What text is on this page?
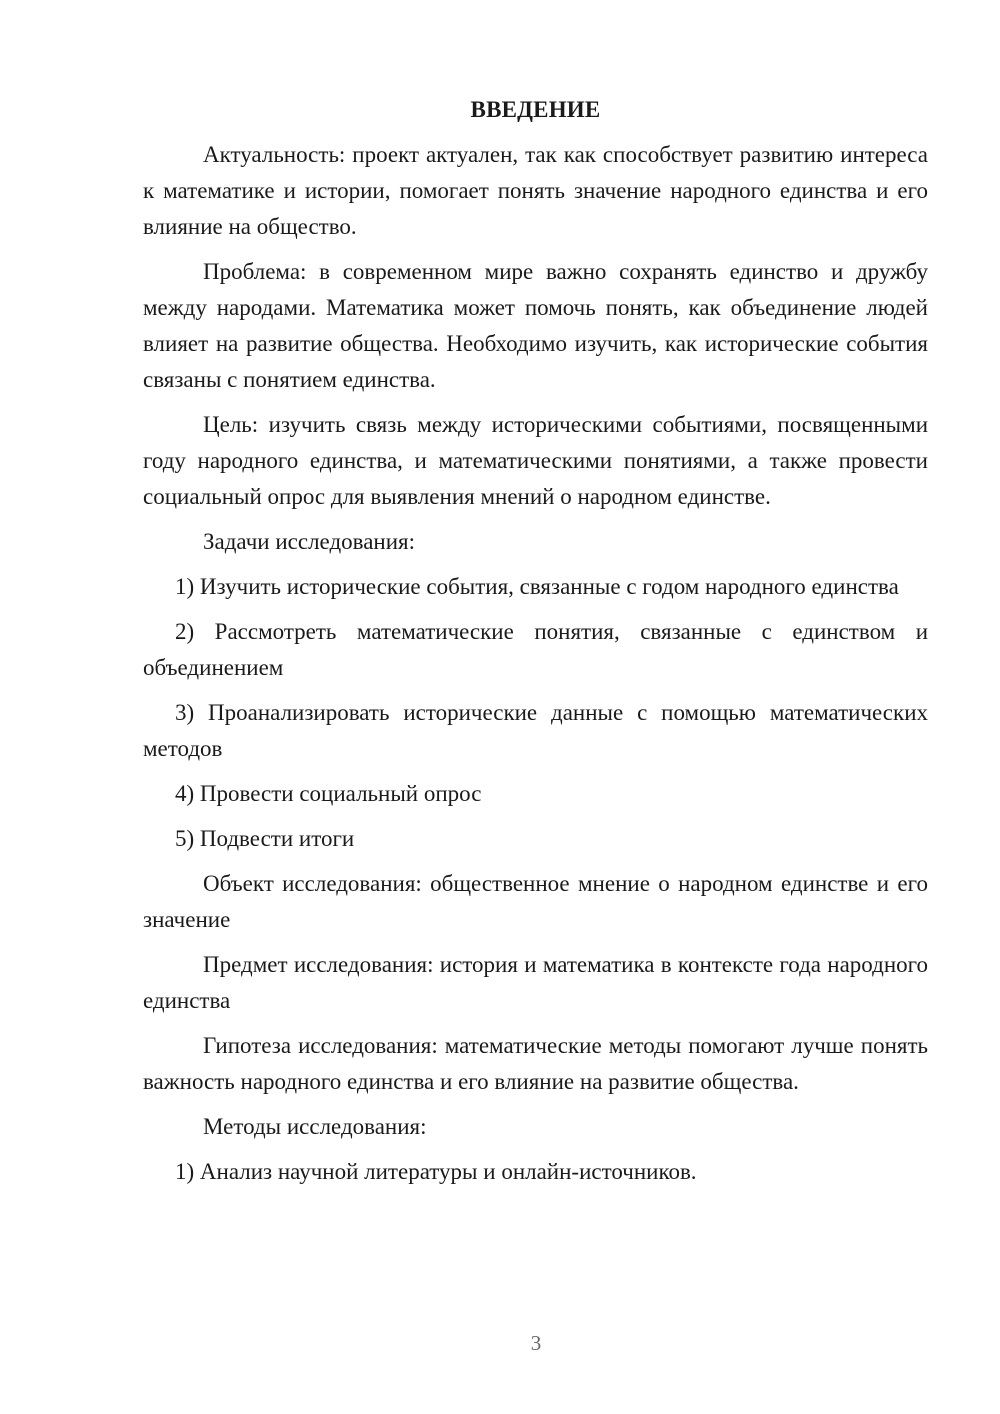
ВВЕДЕНИЕ

Актуальность: проект актуален, так как способствует развитию интереса к математике и истории, помогает понять значение народного единства и его влияние на общество.

Проблема: в современном мире важно сохранять единство и дружбу между народами. Математика может помочь понять, как объединение людей влияет на развитие общества. Необходимо изучить, как исторические события связаны с понятием единства.

Цель: изучить связь между историческими событиями, посвященными году народного единства, и математическими понятиями, а также провести социальный опрос для выявления мнений о народном единстве.

Задачи исследования:

1) Изучить исторические события, связанные с годом народного единства

2) Рассмотреть математические понятия, связанные с единством и объединением

3) Проанализировать исторические данные с помощью математических методов

4) Провести социальный опрос

5) Подвести итоги

Объект исследования: общественное мнение о народном единстве и его значение

Предмет исследования: история и математика в контексте года народного единства

Гипотеза исследования: математические методы помогают лучше понять важность народного единства и его влияние на развитие общества.

Методы исследования:

1) Анализ научной литературы и онлайн-источников.

3
